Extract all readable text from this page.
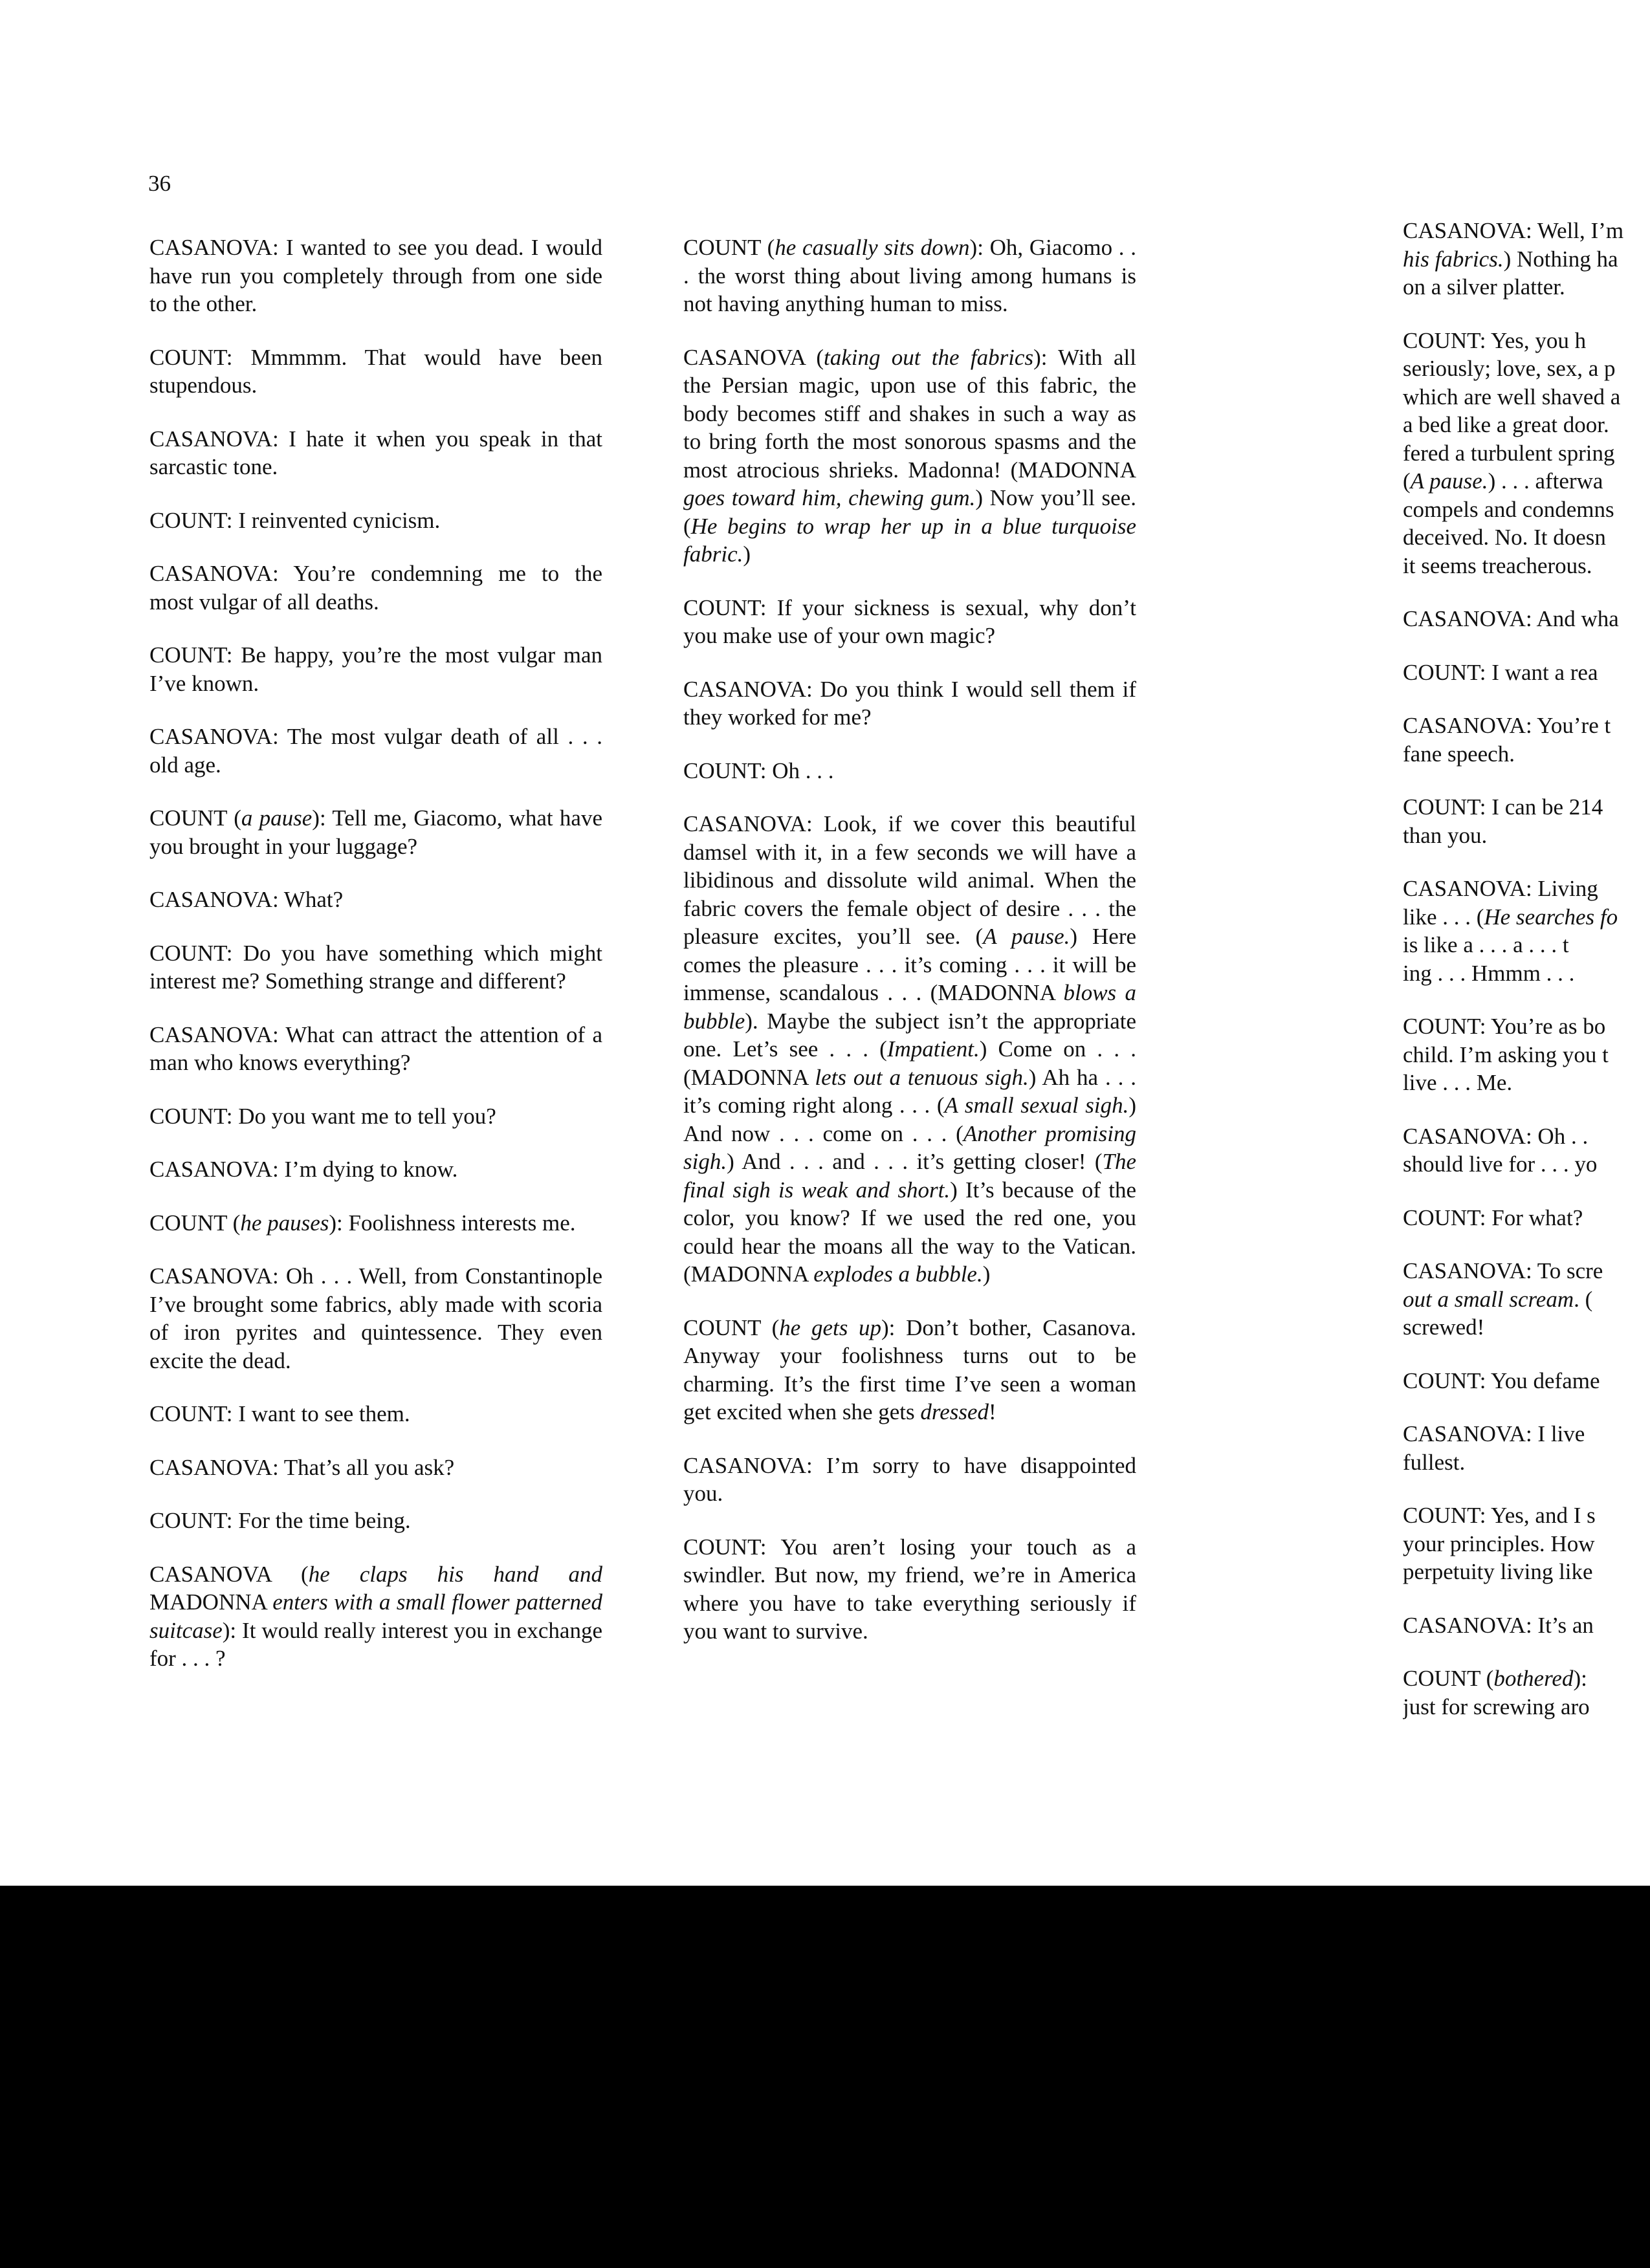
36

CASANOVA: I wanted to see you dead. I would have run you completely through from one side to the other.

COUNT: Mmmmm. That would have been stupendous.

CASANOVA: I hate it when you speak in that sarcastic tone.

COUNT: I reinvented cynicism.

CASANOVA: You’re condemning me to the most vulgar of all deaths.

COUNT: Be happy, you’re the most vulgar man I’ve known.

CASANOVA: The most vulgar death of all . . . old age.

COUNT (a pause): Tell me, Giacomo, what have you brought in your luggage?

CASANOVA: What?

COUNT: Do you have something which might interest me? Something strange and different?

CASANOVA: What can attract the attention of a man who knows everything?

COUNT: Do you want me to tell you?

CASANOVA: I’m dying to know.

COUNT (he pauses): Foolishness interests me.

CASANOVA: Oh . . . Well, from Constantinople I’ve brought some fabrics, ably made with scoria of iron pyrites and quintessence. They even excite the dead.

COUNT: I want to see them.

CASANOVA: That’s all you ask?

COUNT: For the time being.

CASANOVA (he claps his hand and MADONNA enters with a small flower patterned suitcase): It would really interest you in exchange for . . . ?

COUNT (he casually sits down): Oh, Giacomo . . . the worst thing about living among humans is not having anything human to miss.

CASANOVA (taking out the fabrics): With all the Persian magic, upon use of this fabric, the body becomes stiff and shakes in such a way as to bring forth the most sonorous spasms and the most atrocious shrieks. Madonna! (MADONNA goes toward him, chewing gum.) Now you’ll see. (He begins to wrap her up in a blue turquoise fabric.)

COUNT: If your sickness is sexual, why don’t you make use of your own magic?

CASANOVA: Do you think I would sell them if they worked for me?

COUNT: Oh . . .

CASANOVA: Look, if we cover this beautiful damsel with it, in a few seconds we will have a libidinous and dissolute wild animal. When the fabric covers the female object of desire . . . the pleasure excites, you’ll see. (A pause.) Here comes the pleasure . . . it’s coming . . . it will be immense, scandalous . . . (MADONNA blows a bubble). Maybe the subject isn’t the appropriate one. Let’s see . . . (Impatient.) Come on . . . (MADONNA lets out a tenuous sigh.) Ah ha . . . it’s coming right along . . . (A small sexual sigh.) And now . . . come on . . . (Another promising sigh.) And . . . and . . . it’s getting closer! (The final sigh is weak and short.) It’s because of the color, you know? If we used the red one, you could hear the moans all the way to the Vatican. (MADONNA explodes a bubble.)

COUNT (he gets up): Don’t bother, Casanova. Anyway your foolishness turns out to be charming. It’s the first time I’ve seen a woman get excited when she gets dressed!

CASANOVA: I’m sorry to have disappointed you.

COUNT: You aren’t losing your touch as a swindler. But now, my friend, we’re in America where you have to take everything seriously if you want to survive.

CASANOVA: Well, I’m
his fabrics.) Nothing ha
on a silver platter.

COUNT: Yes, you h
seriously; love, sex, a p
which are well shaved a
a bed like a great door.
fered a turbulent spring
(A pause.) . . . afterwa
compels and condemns
deceived. No. It doesn
it seems treacherous.

CASANOVA: And wha

COUNT: I want a rea

CASANOVA: You’re t
fane speech.

COUNT: I can be 214
than you.

CASANOVA: Living
like . . . (He searches fo
is like a . . . a . . . t
ing . . . Hmmm . . .

COUNT: You’re as bo
child. I’m asking you t
live . . . Me.

CASANOVA: Oh . .
should live for . . . yo

COUNT: For what?

CASANOVA: To scre
out a small scream. (
screwed!

COUNT: You defame

CASANOVA: I live
fullest.

COUNT: Yes, and I s
your principles. How
perpetuity living like

CASANOVA: It’s an

COUNT (bothered):
just for screwing aro
